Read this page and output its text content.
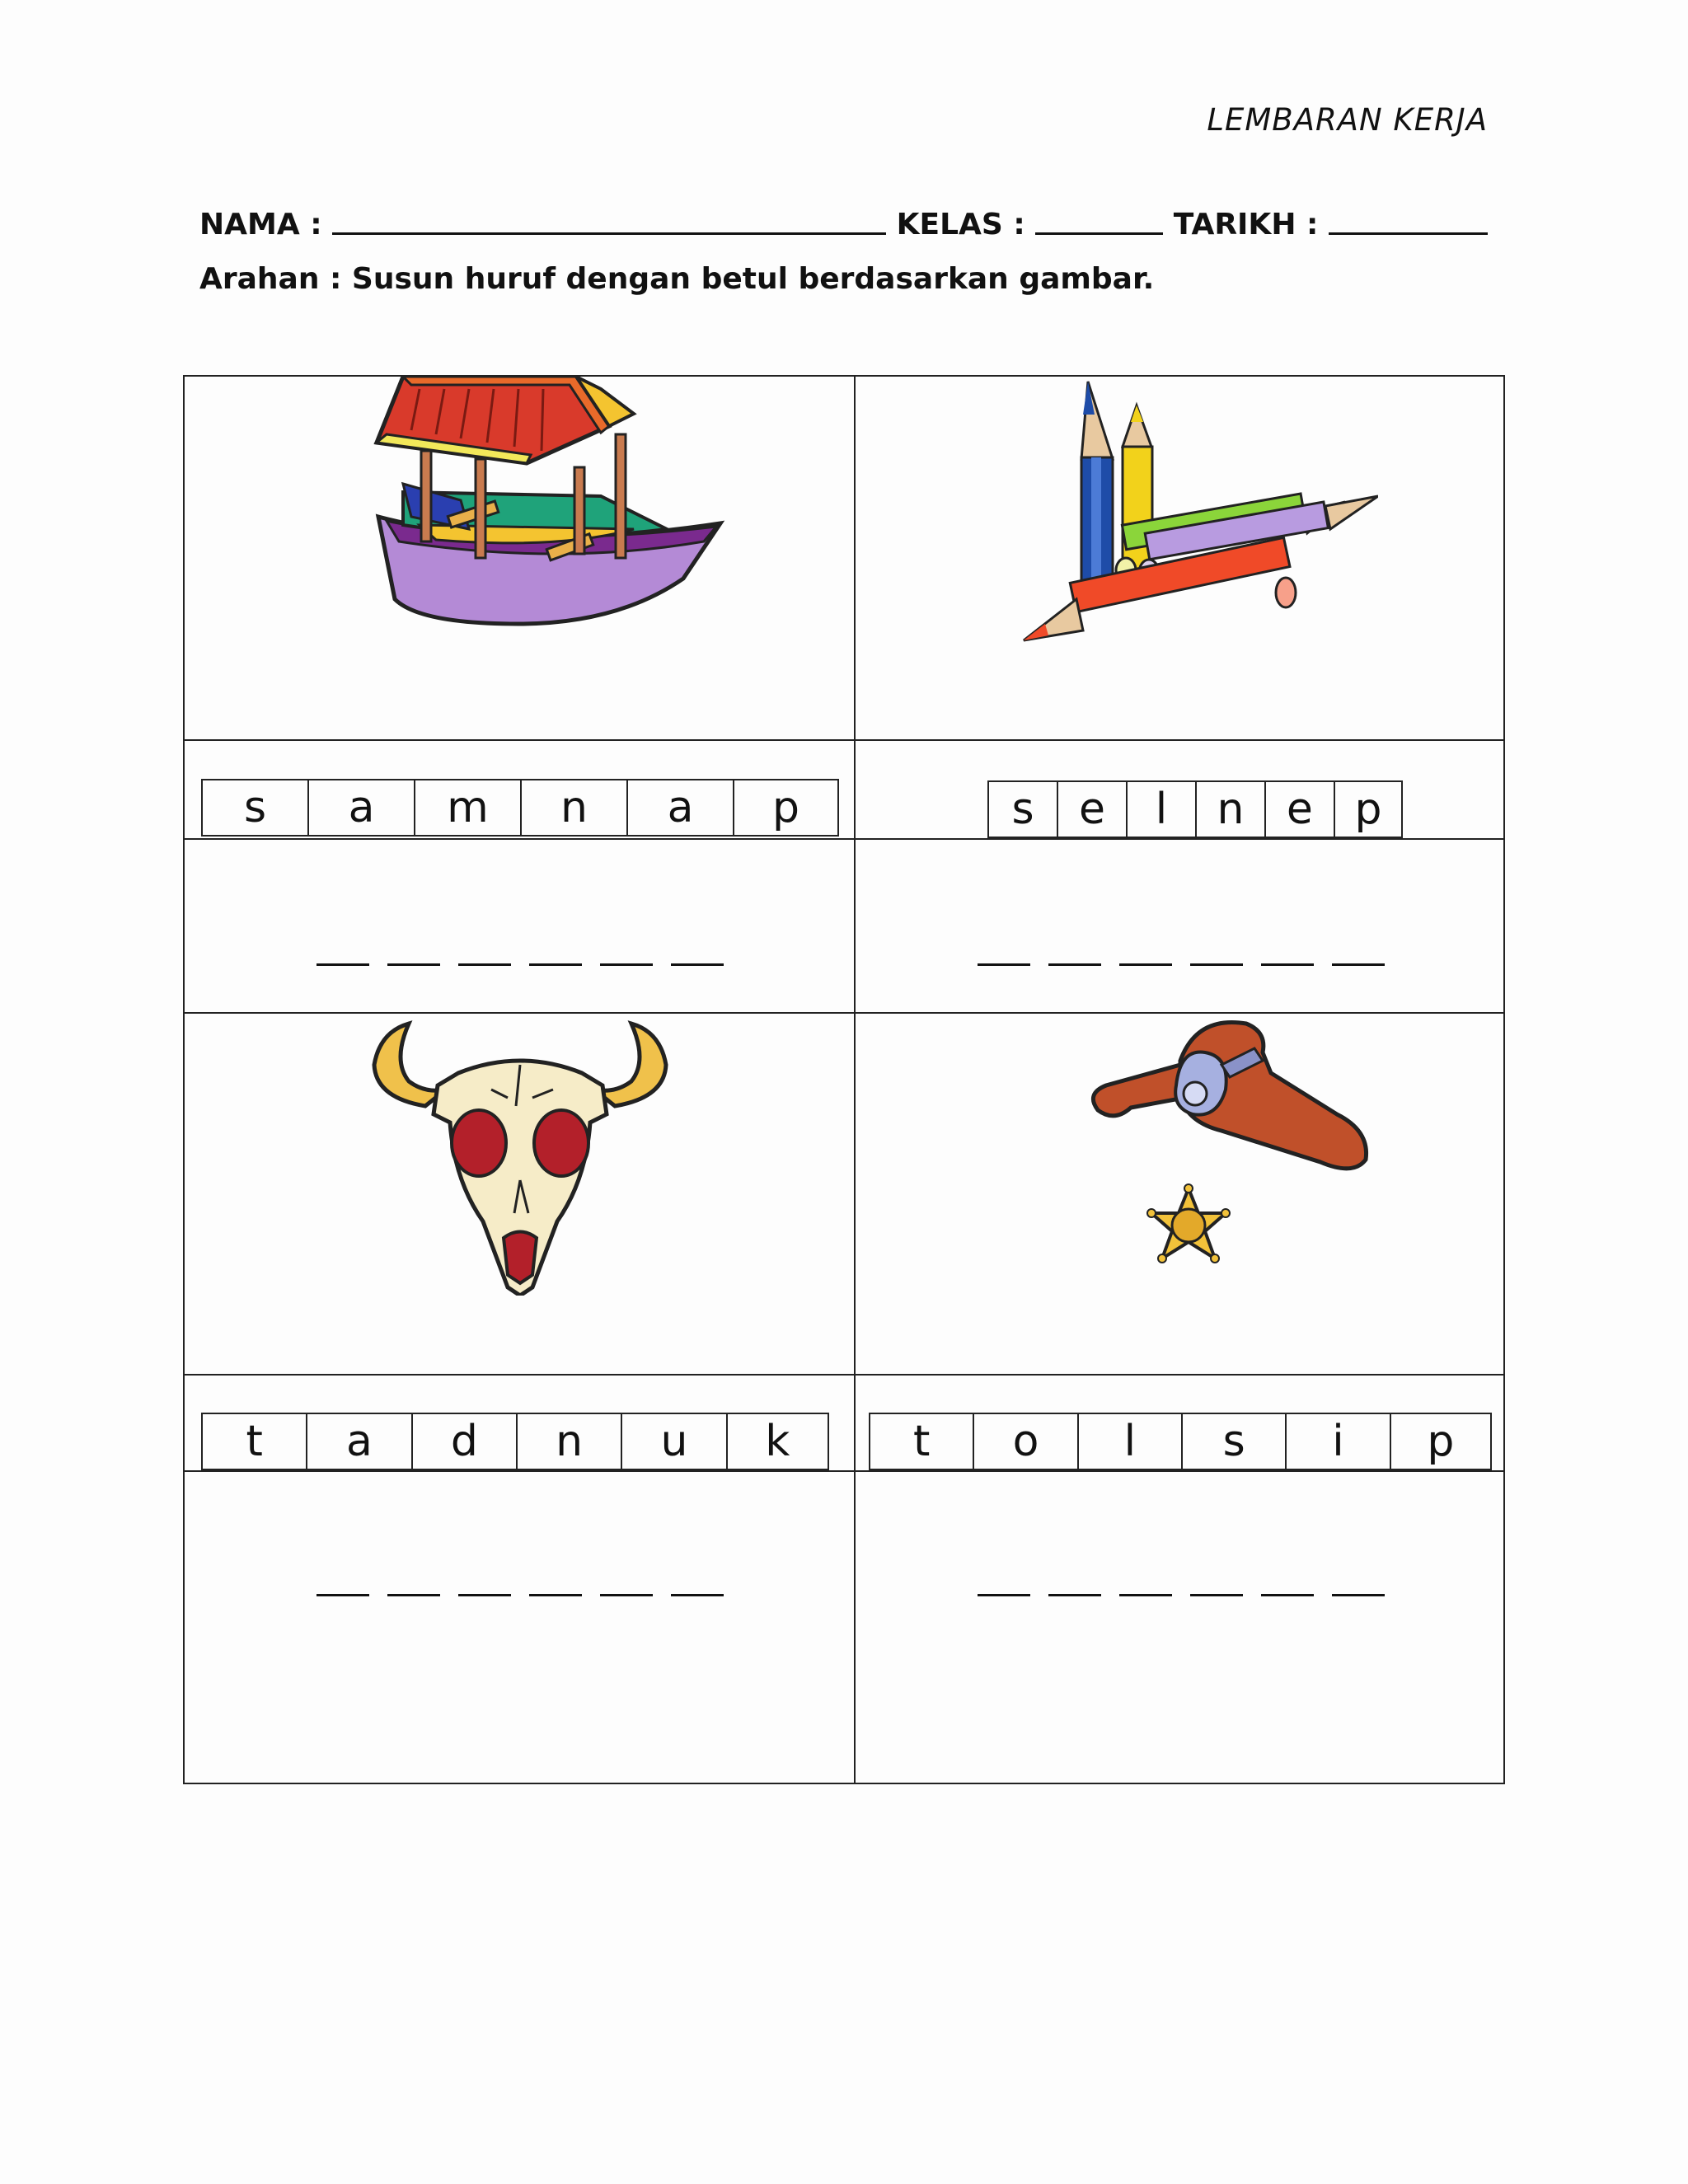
LEMBARAN KERJA
NAMA :	KELAS :	TARIKH :
Arahan : Susun huruf dengan betul berdasarkan gambar.
s	a	m	n	a	p	s	e	l	n e p
t	a	d	n	u	k	t	o	l	s	i	p
